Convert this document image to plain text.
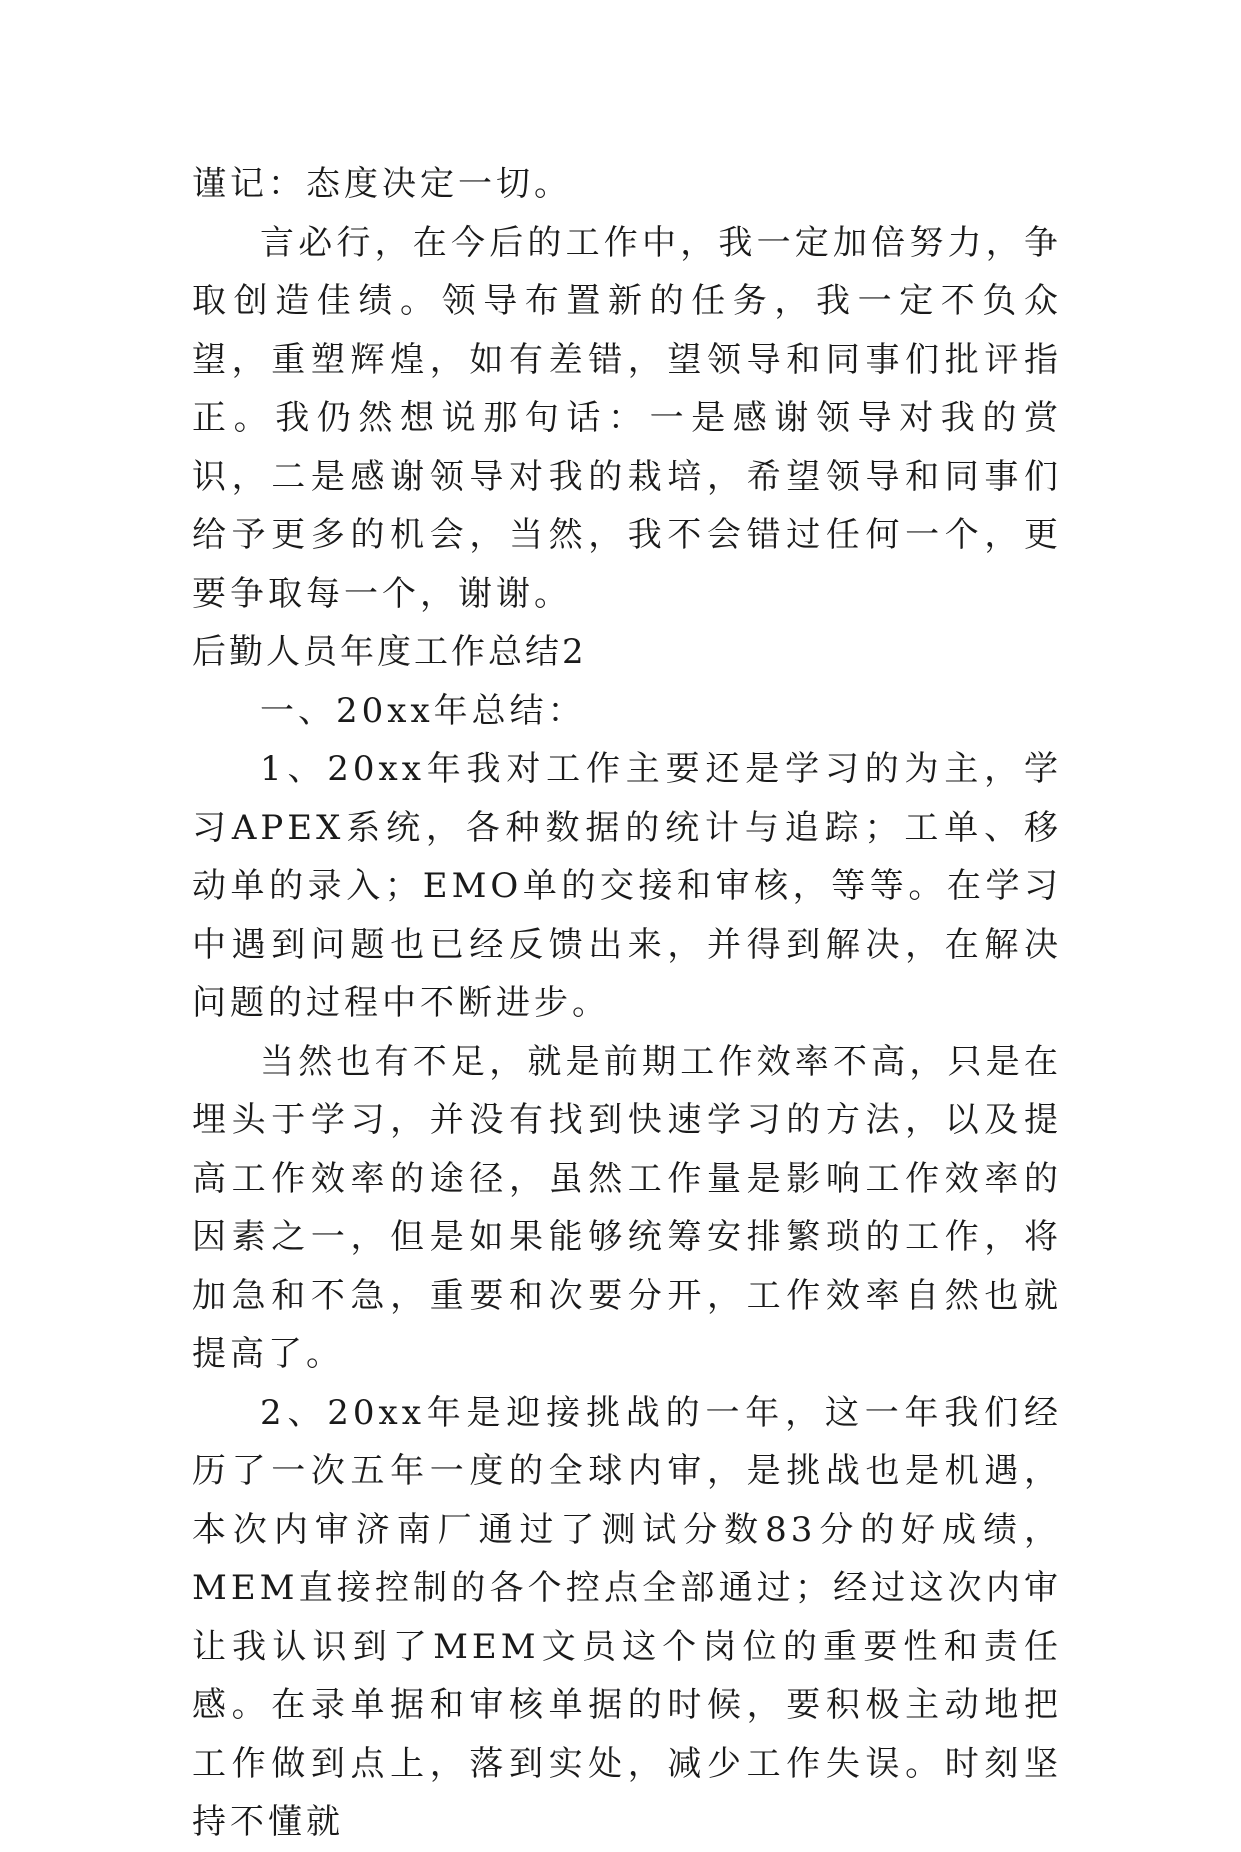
谨记：态度决定一切。

言必行，在今后的工作中，我一定加倍努力，争取创造佳绩。领导布置新的任务，我一定不负众望，重塑辉煌，如有差错，望领导和同事们批评指正。我仍然想说那句话：一是感谢领导对我的赏识，二是感谢领导对我的栽培，希望领导和同事们给予更多的机会，当然，我不会错过任何一个，更要争取每一个，谢谢。

后勤人员年度工作总结2

一、20xx年总结：

1、20xx年我对工作主要还是学习的为主，学习APEX系统，各种数据的统计与追踪；工单、移动单的录入；EMO单的交接和审核，等等。在学习中遇到问题也已经反馈出来，并得到解决，在解决问题的过程中不断进步。

当然也有不足，就是前期工作效率不高，只是在埋头于学习，并没有找到快速学习的方法，以及提高工作效率的途径，虽然工作量是影响工作效率的因素之一，但是如果能够统筹安排繁琐的工作，将加急和不急，重要和次要分开，工作效率自然也就提高了。

2、20xx年是迎接挑战的一年，这一年我们经历了一次五年一度的全球内审，是挑战也是机遇，本次内审济南厂通过了测试分数83分的好成绩，MEM直接控制的各个控点全部通过；经过这次内审让我认识到了MEM文员这个岗位的重要性和责任感。在录单据和审核单据的时候，要积极主动地把工作做到点上，落到实处，减少工作失误。时刻坚持不懂就
